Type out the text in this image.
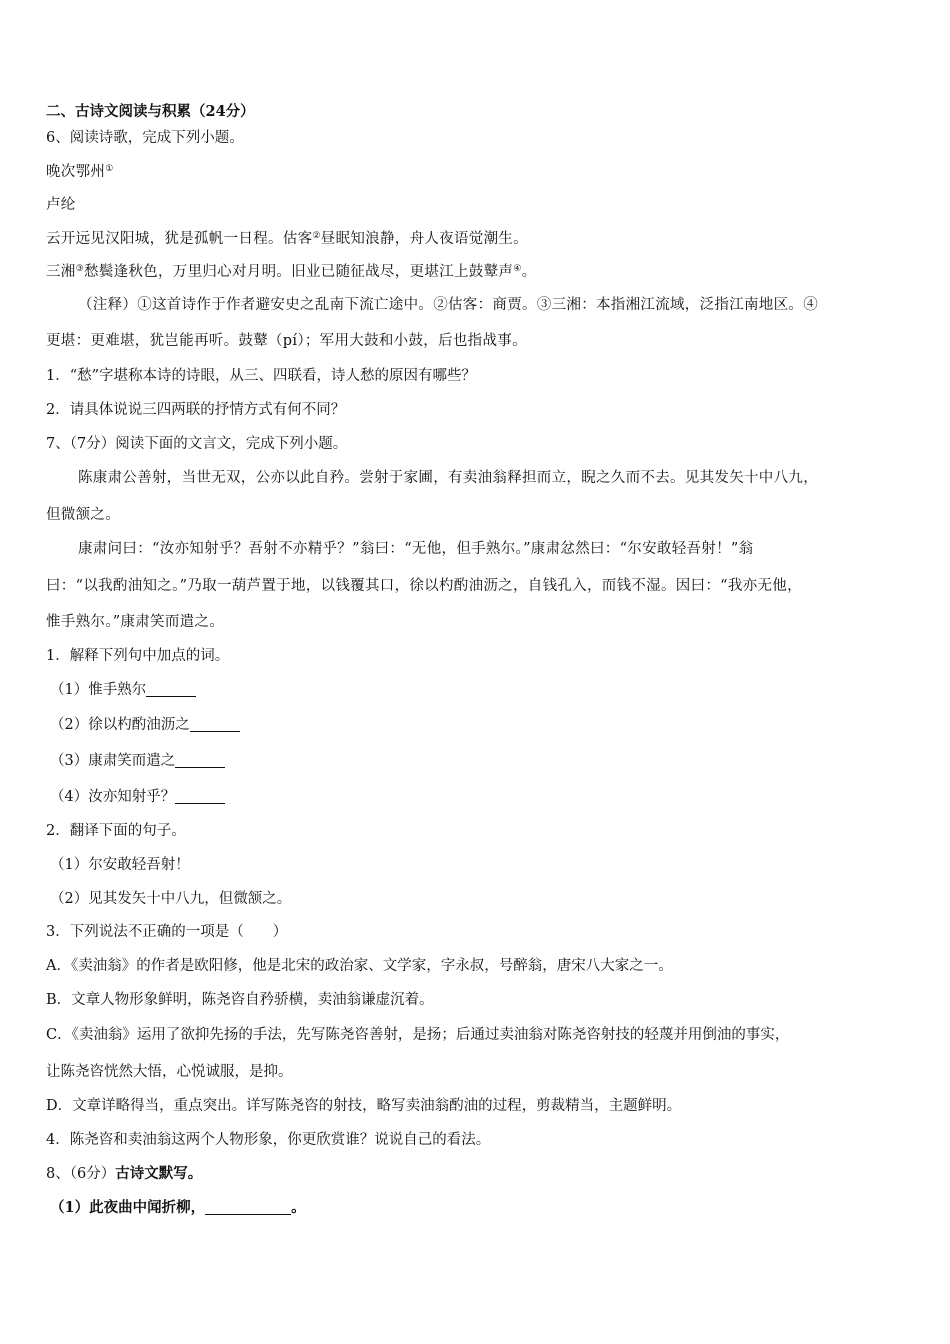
二、古诗文阅读与积累（24分）
6、阅读诗歌，完成下列小题。
晚次鄂州①
卢纶
云开远见汉阳城，犹是孤帆一日程。估客②昼眠知浪静，舟人夜语觉潮生。
三湘③愁鬓逢秋色，万里归心对月明。旧业已随征战尽，更堪江上鼓鼙声④。
（注释）①这首诗作于作者避安史之乱南下流亡途中。②估客：商贾。③三湘：本指湘江流域，泛指江南地区。④
更堪：更难堪，犹岂能再听。鼓鼙（pí）；军用大鼓和小鼓，后也指战事。
1．“愁”字堪称本诗的诗眼，从三、四联看，诗人愁的原因有哪些？
2．请具体说说三四两联的抒情方式有何不同？
7、（7分）阅读下面的文言文，完成下列小题。
陈康肃公善射，当世无双，公亦以此自矜。尝射于家圃，有卖油翁释担而立，睨之久而不去。见其发矢十中八九，
但微颔之。
康肃问曰：“汝亦知射乎？吾射不亦精乎？”翁曰：“无他，但手熟尔。”康肃忿然曰：“尔安敢轻吾射！”翁
曰：“以我酌油知之。”乃取一葫芦置于地，以钱覆其口，徐以杓酌油沥之，自钱孔入，而钱不湿。因曰：“我亦无他，
惟手熟尔。”康肃笑而遣之。
1．解释下列句中加点的词。
（1）惟手熟尔
（2）徐以杓酌油沥之
（3）康肃笑而遣之
（4）汝亦知射乎？
2．翻译下面的句子。
（1）尔安敢轻吾射！
（2）见其发矢十中八九，但微颔之。
3．下列说法不正确的一项是（　　）
A．《卖油翁》的作者是欧阳修，他是北宋的政治家、文学家，字永叔，号醉翁，唐宋八大家之一。
B．文章人物形象鲜明，陈尧咨自矜骄横，卖油翁谦虚沉着。
C．《卖油翁》运用了欲抑先扬的手法，先写陈尧咨善射，是扬；后通过卖油翁对陈尧咨射技的轻蔑并用倒油的事实，
让陈尧咨恍然大悟，心悦诚服，是抑。
D．文章详略得当，重点突出。详写陈尧咨的射技，略写卖油翁酌油的过程，剪裁精当，主题鲜明。
4．陈尧咨和卖油翁这两个人物形象，你更欣赏谁？说说自己的看法。
8、（6分）古诗文默写。
（1）此夜曲中闻折柳，	。
